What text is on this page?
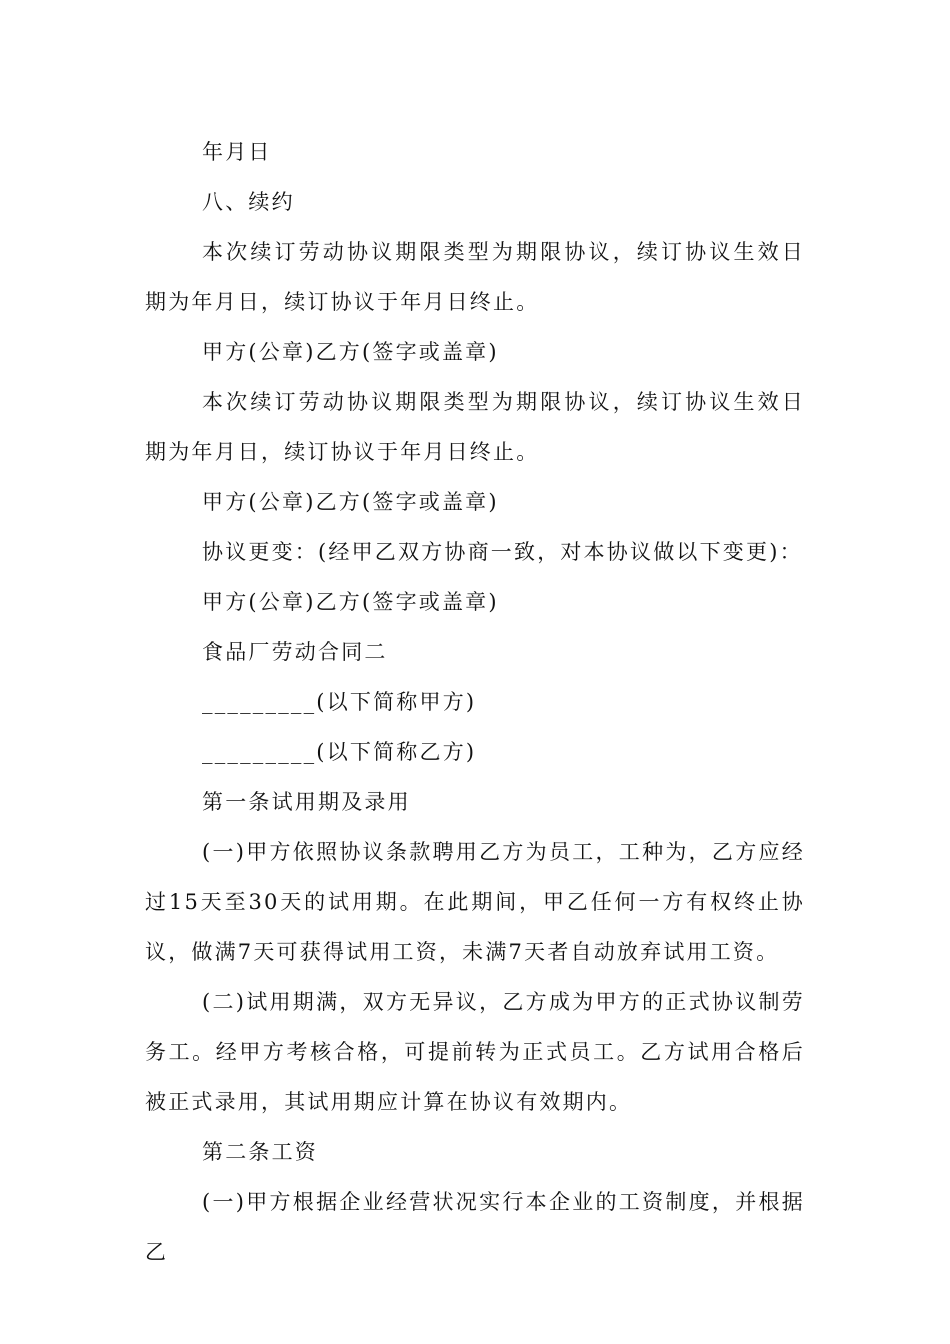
年月日

八、续约

本次续订劳动协议期限类型为期限协议，续订协议生效日期为年月日，续订协议于年月日终止。

甲方(公章)乙方(签字或盖章)

本次续订劳动协议期限类型为期限协议，续订协议生效日期为年月日，续订协议于年月日终止。

甲方(公章)乙方(签字或盖章)

协议更变：(经甲乙双方协商一致，对本协议做以下变更)：

甲方(公章)乙方(签字或盖章)

食品厂劳动合同二

_________(以下简称甲方)

_________(以下简称乙方)

第一条试用期及录用

(一)甲方依照协议条款聘用乙方为员工，工种为，乙方应经过15天至30天的试用期。在此期间，甲乙任何一方有权终止协议，做满7天可获得试用工资，未满7天者自动放弃试用工资。

(二)试用期满，双方无异议，乙方成为甲方的正式协议制劳务工。经甲方考核合格，可提前转为正式员工。乙方试用合格后被正式录用，其试用期应计算在协议有效期内。

第二条工资

(一)甲方根据企业经营状况实行本企业的工资制度，并根据乙
